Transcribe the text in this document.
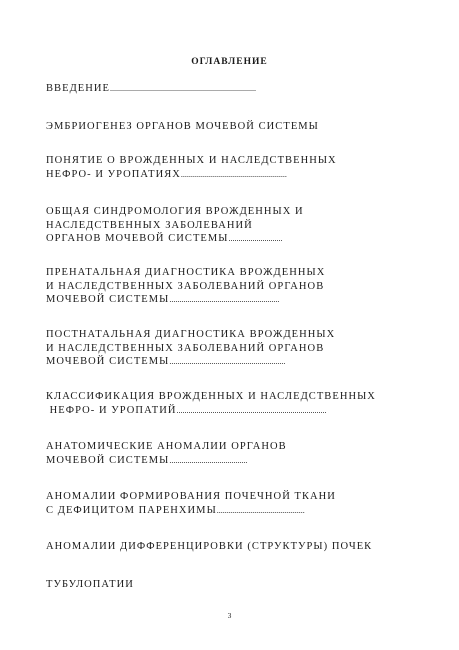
ОГЛАВЛЕНИЕ
ВВЕДЕНИЕ.........................................................................
ЭМБРИОГЕНЕЗ ОРГАНОВ МОЧЕВОЙ СИСТЕМЫ
ПОНЯТИЕ О ВРОЖДЕННЫХ И НАСЛЕДСТВЕННЫХ
НЕФРО- И УРОПАТИЯХ.....................................................
ОБЩАЯ СИНДРОМОЛОГИЯ ВРОЖДЕННЫХ И
НАСЛЕДСТВЕННЫХ ЗАБОЛЕВАНИЙ
ОРГАНОВ МОЧЕВОЙ СИСТЕМЫ...........................
ПРЕНАТАЛЬНАЯ ДИАГНОСТИКА ВРОЖДЕННЫХ
И НАСЛЕДСТВЕННЫХ ЗАБОЛЕВАНИЙ ОРГАНОВ
МОЧЕВОЙ СИСТЕМЫ.......................................................
ПОСТНАТАЛЬНАЯ ДИАГНОСТИКА ВРОЖДЕННЫХ
И НАСЛЕДСТВЕННЫХ ЗАБОЛЕВАНИЙ ОРГАНОВ
МОЧЕВОЙ СИСТЕМЫ..........................................................
КЛАССИФИКАЦИЯ ВРОЖДЕННЫХ И НАСЛЕДСТВЕННЫХ
НЕФРО- И УРОПАТИЙ...........................................................................
АНАТОМИЧЕСКИЕ АНОМАЛИИ ОРГАНОВ
МОЧЕВОЙ СИСТЕМЫ.......................................
АНОМАЛИИ ФОРМИРОВАНИЯ ПОЧЕЧНОЙ ТКАНИ
С ДЕФИЦИТОМ ПАРЕНХИМЫ............................................
АНОМАЛИИ ДИФФЕРЕНЦИРОВКИ (СТРУКТУРЫ) ПОЧЕК
ТУБУЛОПАТИИ
3
